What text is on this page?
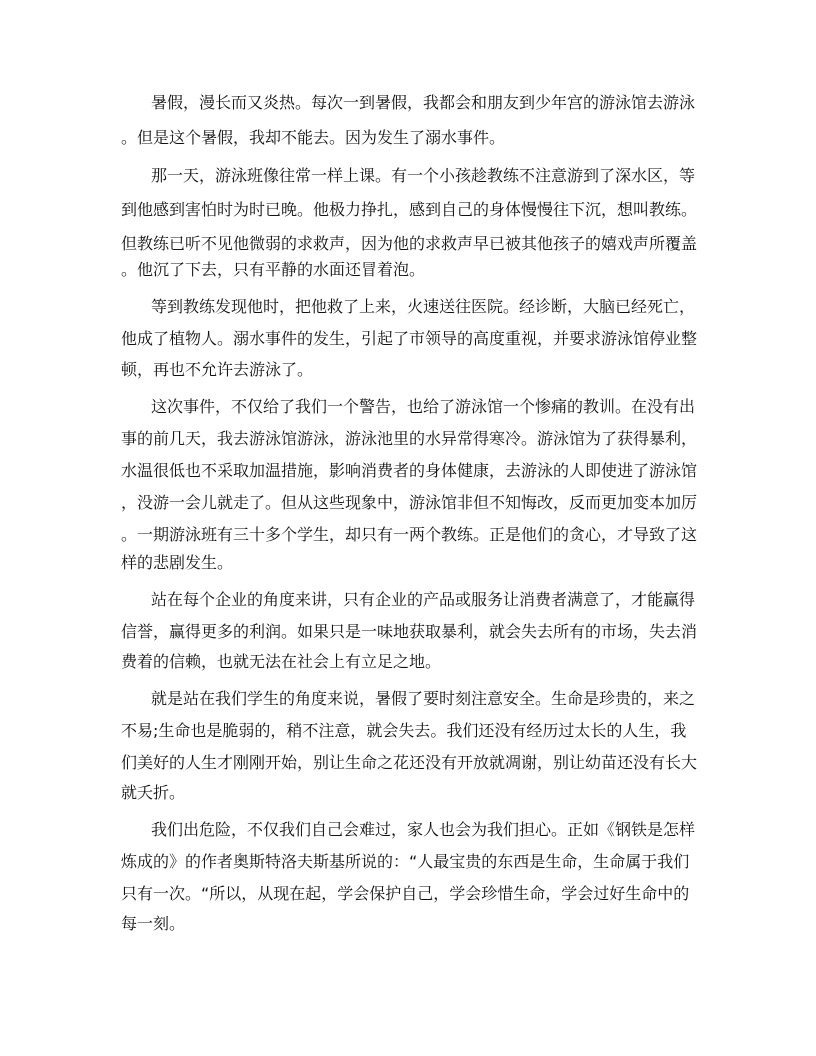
暑假，漫长而又炎热。每次一到暑假，我都会和朋友到少年宫的游泳馆去游泳

。但是这个暑假，我却不能去。因为发生了溺水事件。

那一天，游泳班像往常一样上课。有一个小孩趁教练不注意游到了深水区，等

到他感到害怕时为时已晚。他极力挣扎，感到自己的身体慢慢往下沉，想叫教练。

但教练已听不见他微弱的求救声，因为他的求救声早已被其他孩子的嬉戏声所覆盖

。他沉了下去，只有平静的水面还冒着泡。

等到教练发现他时，把他救了上来，火速送往医院。经诊断，大脑已经死亡，

他成了植物人。溺水事件的发生，引起了市领导的高度重视，并要求游泳馆停业整

顿，再也不允许去游泳了。

这次事件，不仅给了我们一个警告，也给了游泳馆一个惨痛的教训。在没有出

事的前几天，我去游泳馆游泳，游泳池里的水异常得寒冷。游泳馆为了获得暴利，

水温很低也不采取加温措施，影响消费者的身体健康，去游泳的人即使进了游泳馆

，没游一会儿就走了。但从这些现象中，游泳馆非但不知悔改，反而更加变本加厉

。一期游泳班有三十多个学生，却只有一两个教练。正是他们的贪心，才导致了这

样的悲剧发生。

站在每个企业的角度来讲，只有企业的产品或服务让消费者满意了，才能赢得

信誉，赢得更多的利润。如果只是一味地获取暴利，就会失去所有的市场，失去消

费着的信赖，也就无法在社会上有立足之地。

就是站在我们学生的角度来说，暑假了要时刻注意安全。生命是珍贵的，来之

不易;生命也是脆弱的，稍不注意，就会失去。我们还没有经历过太长的人生，我

们美好的人生才刚刚开始，别让生命之花还没有开放就凋谢，别让幼苗还没有长大

就夭折。

我们出危险，不仅我们自己会难过，家人也会为我们担心。正如《钢铁是怎样

炼成的》的作者奥斯特洛夫斯基所说的：“人最宝贵的东西是生命，生命属于我们

只有一次。“所以，从现在起，学会保护自己，学会珍惜生命，学会过好生命中的

每一刻。
